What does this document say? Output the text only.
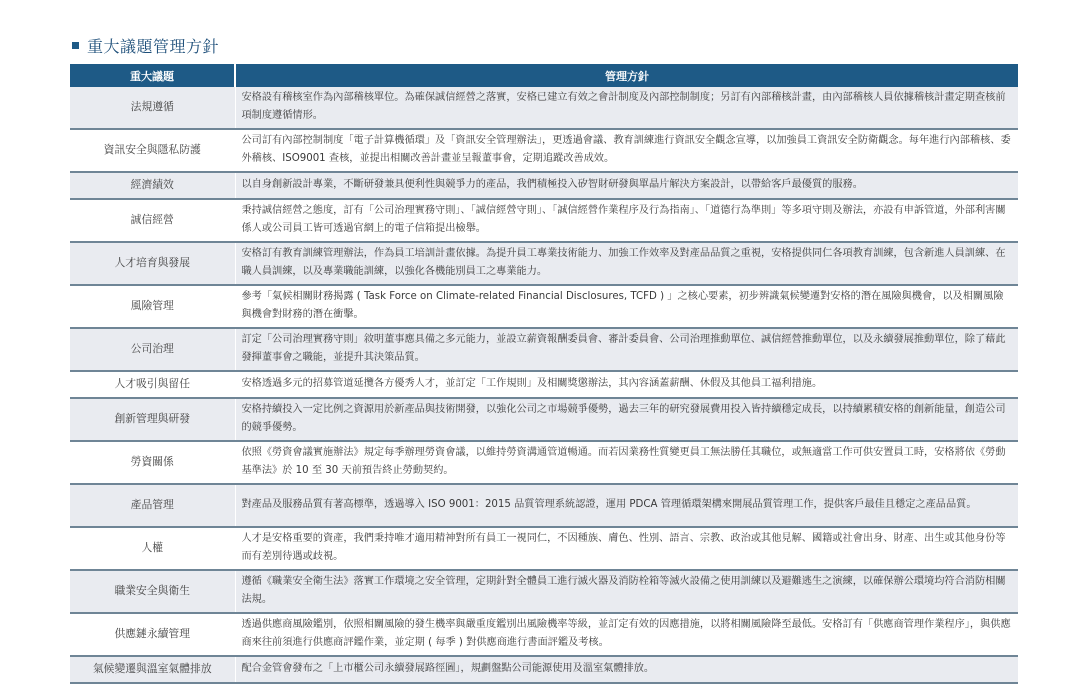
重大議題管理方針
重大議題	管理方針
法規遵循	安格設有稽核室作為內部稽核單位。為確保誠信經營之落實，安格已建立有效之會計制度及內部控制制度；另訂有內部稽核計畫，由內部稽核人員依據稽核計畫定期查核前項制度遵循情形。
資訊安全與隱私防護	公司訂有內部控制制度「電子計算機循環」及「資訊安全管理辦法」，更透過會議、教育訓練進行資訊安全觀念宣導，以加強員工資訊安全防衛觀念。每年進行內部稽核、委外稽核、ISO9001 查核，並提出相關改善計畫並呈報董事會，定期追蹤改善成效。
經濟績效	以自身創新設計專業，不斷研發兼具便利性與競爭力的產品，我們積極投入矽智財研發與單晶片解決方案設計，以帶給客戶最優質的服務。
誠信經營	秉持誠信經營之態度，訂有「公司治理實務守則」、「誠信經營守則」、「誠信經營作業程序及行為指南」、「道德行為準則」等多項守則及辦法，亦設有申訴管道，外部利害關係人或公司員工皆可透過官網上的電子信箱提出檢舉。
人才培育與發展	安格訂有教育訓練管理辦法，作為員工培訓計畫依據。為提升員工專業技術能力、加強工作效率及對產品品質之重視，安格提供同仁各項教育訓練，包含新進人員訓練、在職人員訓練，以及專業職能訓練，以強化各機能別員工之專業能力。
風險管理	參考「氣候相關財務揭露 ( Task Force on Climate-related Financial Disclosures, TCFD ) 」之核心要素，初步辨識氣候變遷對安格的潛在風險與機會，以及相關風險與機會對財務的潛在衝擊。
公司治理	訂定「公司治理實務守則」敘明董事應具備之多元能力，並設立薪資報酬委員會、審計委員會、公司治理推動單位、誠信經營推動單位，以及永續發展推動單位，除了藉此發揮董事會之職能，並提升其決策品質。
人才吸引與留任	安格透過多元的招募管道延攬各方優秀人才，並訂定「工作規則」及相關獎懲辦法，其內容涵蓋薪酬、休假及其他員工福利措施。
創新管理與研發	安格持續投入一定比例之資源用於新產品與技術開發，以強化公司之市場競爭優勢，過去三年的研究發展費用投入皆持續穩定成長，以持續累積安格的創新能量，創造公司的競爭優勢。
勞資關係	依照《勞資會議實施辦法》規定每季辦理勞資會議，以維持勞資溝通管道暢通。而若因業務性質變更員工無法勝任其職位，或無適當工作可供安置員工時，安格將依《勞動基準法》於 10 至 30 天前預告終止勞動契約。
產品管理	對產品及服務品質有著高標準，透過導入 ISO 9001：2015 品質管理系統認證，運用 PDCA 管理循環架構來開展品質管理工作，提供客戶最佳且穩定之產品品質。
人權	人才是安格重要的資產，我們秉持唯才適用精神對所有員工一視同仁，不因種族、膚色、性別、語言、宗教、政治或其他見解、國籍或社會出身、財產、出生或其他身份等而有差別待遇或歧視。
職業安全與衛生	遵循《職業安全衛生法》落實工作環境之安全管理，定期針對全體員工進行滅火器及消防栓箱等滅火設備之使用訓練以及避難逃生之演練，以確保辦公環境均符合消防相關法規。
供應鏈永續管理	透過供應商風險鑑別，依照相關風險的發生機率與嚴重度鑑別出風險機率等級，並訂定有效的因應措施，以將相關風險降至最低。安格訂有「供應商管理作業程序」，與供應商來往前須進行供應商評鑑作業，並定期 ( 每季 ) 對供應商進行書面評鑑及考核。
氣候變遷與溫室氣體排放	配合金管會發布之「上市櫃公司永續發展路徑圖」，規劃盤點公司能源使用及溫室氣體排放。
